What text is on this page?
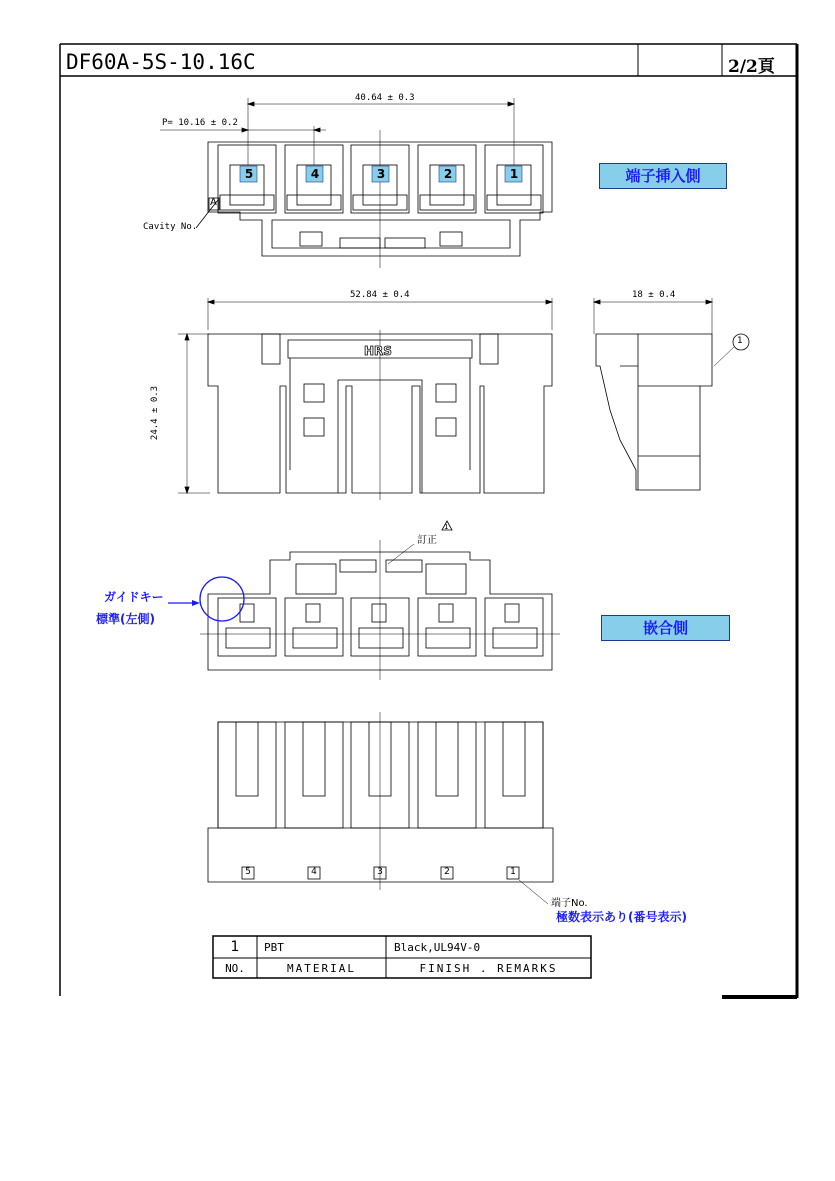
DF60A-5S-10.16C	2/2頁
40.64 ± 0.3
P= 10.16 ± 0.2
52.84 ± 0.4	18 ± 0.4
24.4 ± 0.3
端子挿入側
嵌合側
Cavity No.
A
5	4	3	2	1
HRS
1
訂正
1
ガイドキー
標準(左側)
5	4	3	2	1
端子No.
極数表示あり(番号表示)
1	PBT	Black,UL94V-0
NO.	MATERIAL	FINISH . REMARKS
